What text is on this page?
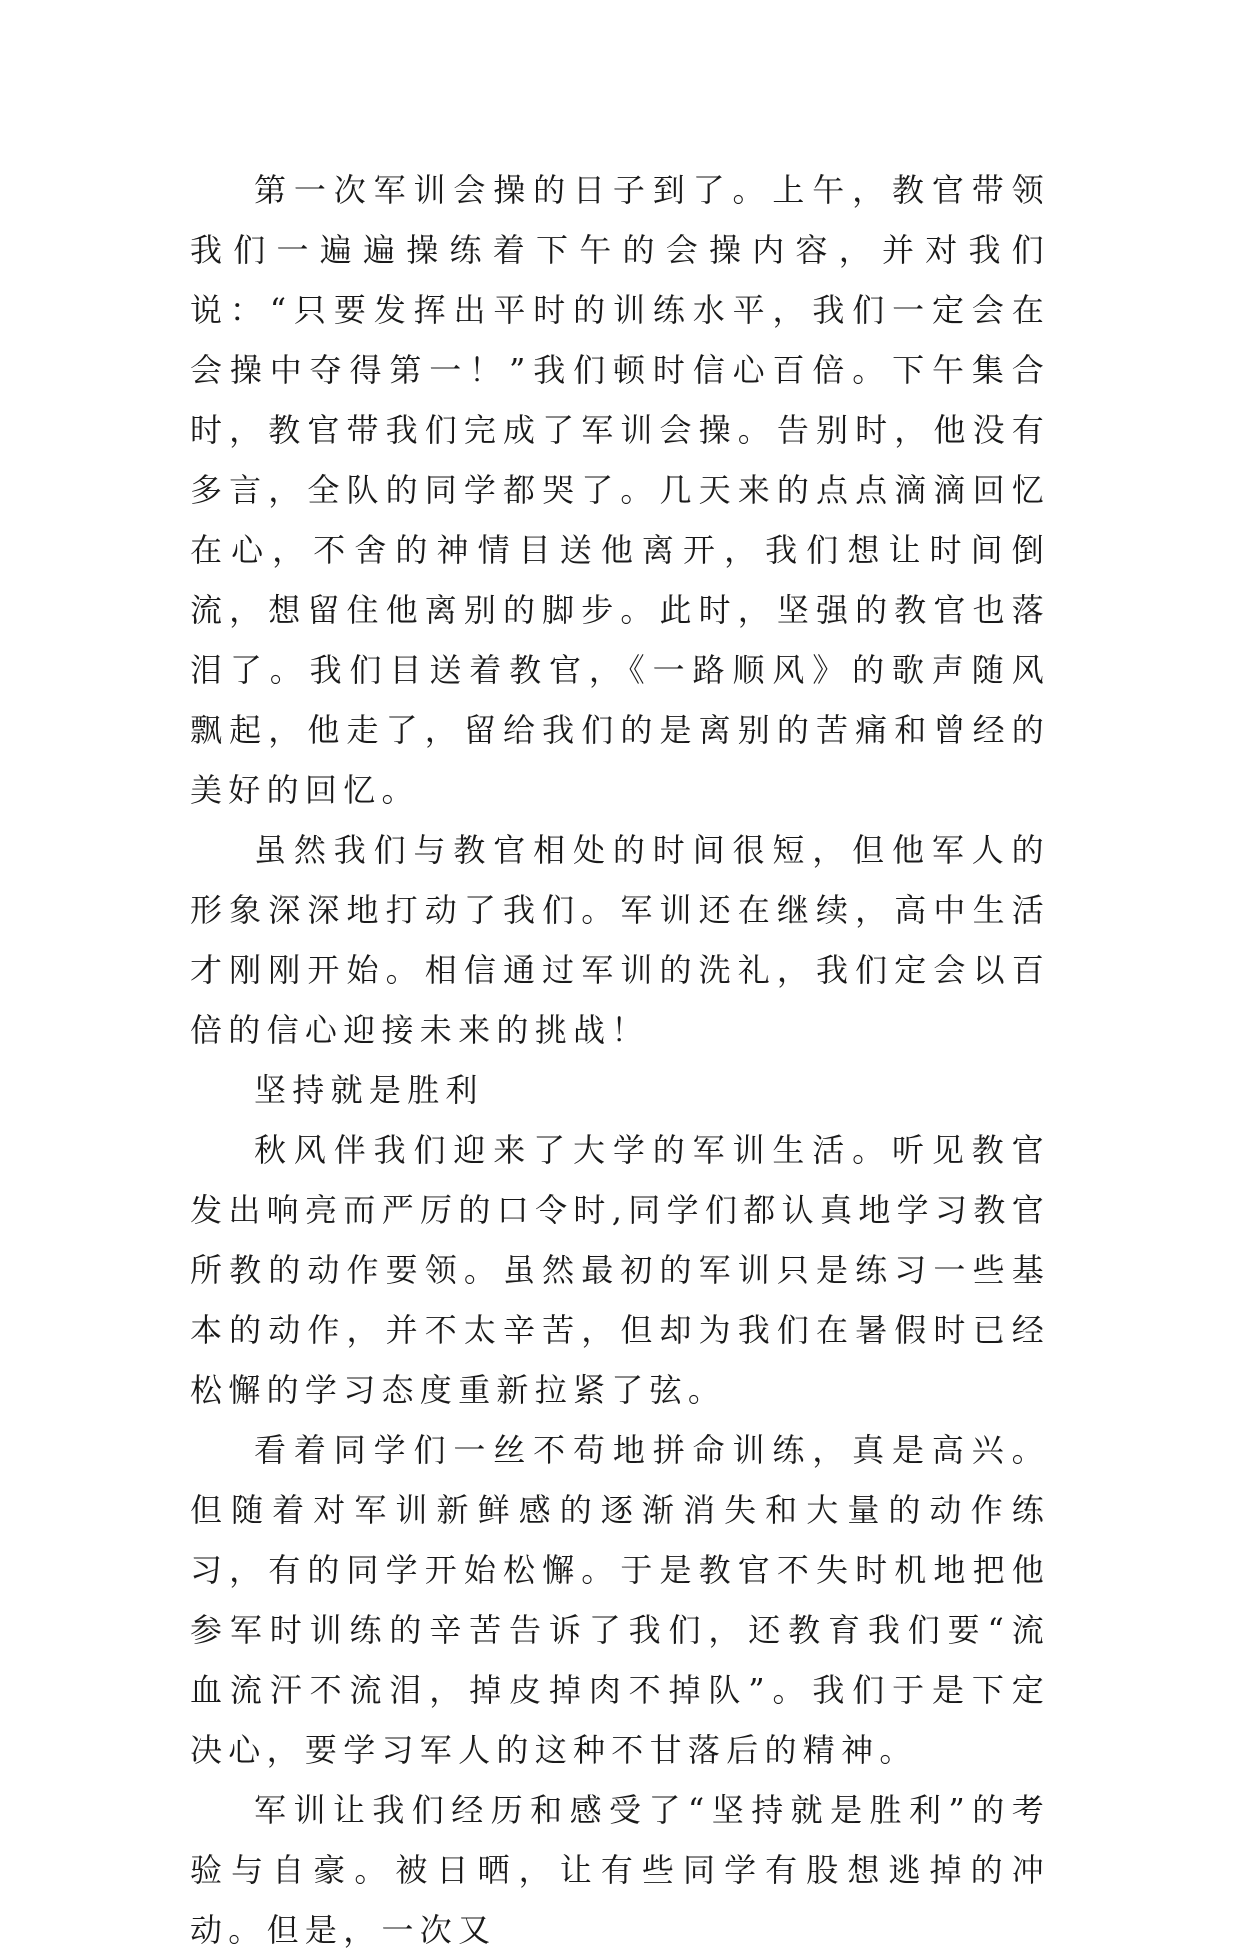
第一次军训会操的日子到了。上午，教官带领我们一遍遍操练着下午的会操内容，并对我们说：“只要发挥出平时的训练水平，我们一定会在会操中夺得第一！”我们顿时信心百倍。下午集合时，教官带我们完成了军训会操。告别时，他没有多言，全队的同学都哭了。几天来的点点滴滴回忆在心，不舍的神情目送他离开，我们想让时间倒流，想留住他离别的脚步。此时，坚强的教官也落泪了。我们目送着教官，《一路顺风》的歌声随风飘起，他走了，留给我们的是离别的苦痛和曾经的美好的回忆。

虽然我们与教官相处的时间很短，但他军人的形象深深地打动了我们。军训还在继续，高中生活才刚刚开始。相信通过军训的洗礼，我们定会以百倍的信心迎接未来的挑战！

坚持就是胜利

秋风伴我们迎来了大学的军训生活。听见教官发出响亮而严厉的口令时,同学们都认真地学习教官所教的动作要领。虽然最初的军训只是练习一些基本的动作，并不太辛苦，但却为我们在暑假时已经松懈的学习态度重新拉紧了弦。

看着同学们一丝不苟地拼命训练，真是高兴。但随着对军训新鲜感的逐渐消失和大量的动作练习，有的同学开始松懈。于是教官不失时机地把他参军时训练的辛苦告诉了我们，还教育我们要“流血流汗不流泪，掉皮掉肉不掉队”。我们于是下定决心，要学习军人的这种不甘落后的精神。

军训让我们经历和感受了“坚持就是胜利”的考验与自豪。被日晒，让有些同学有股想逃掉的冲动。但是，一次又
